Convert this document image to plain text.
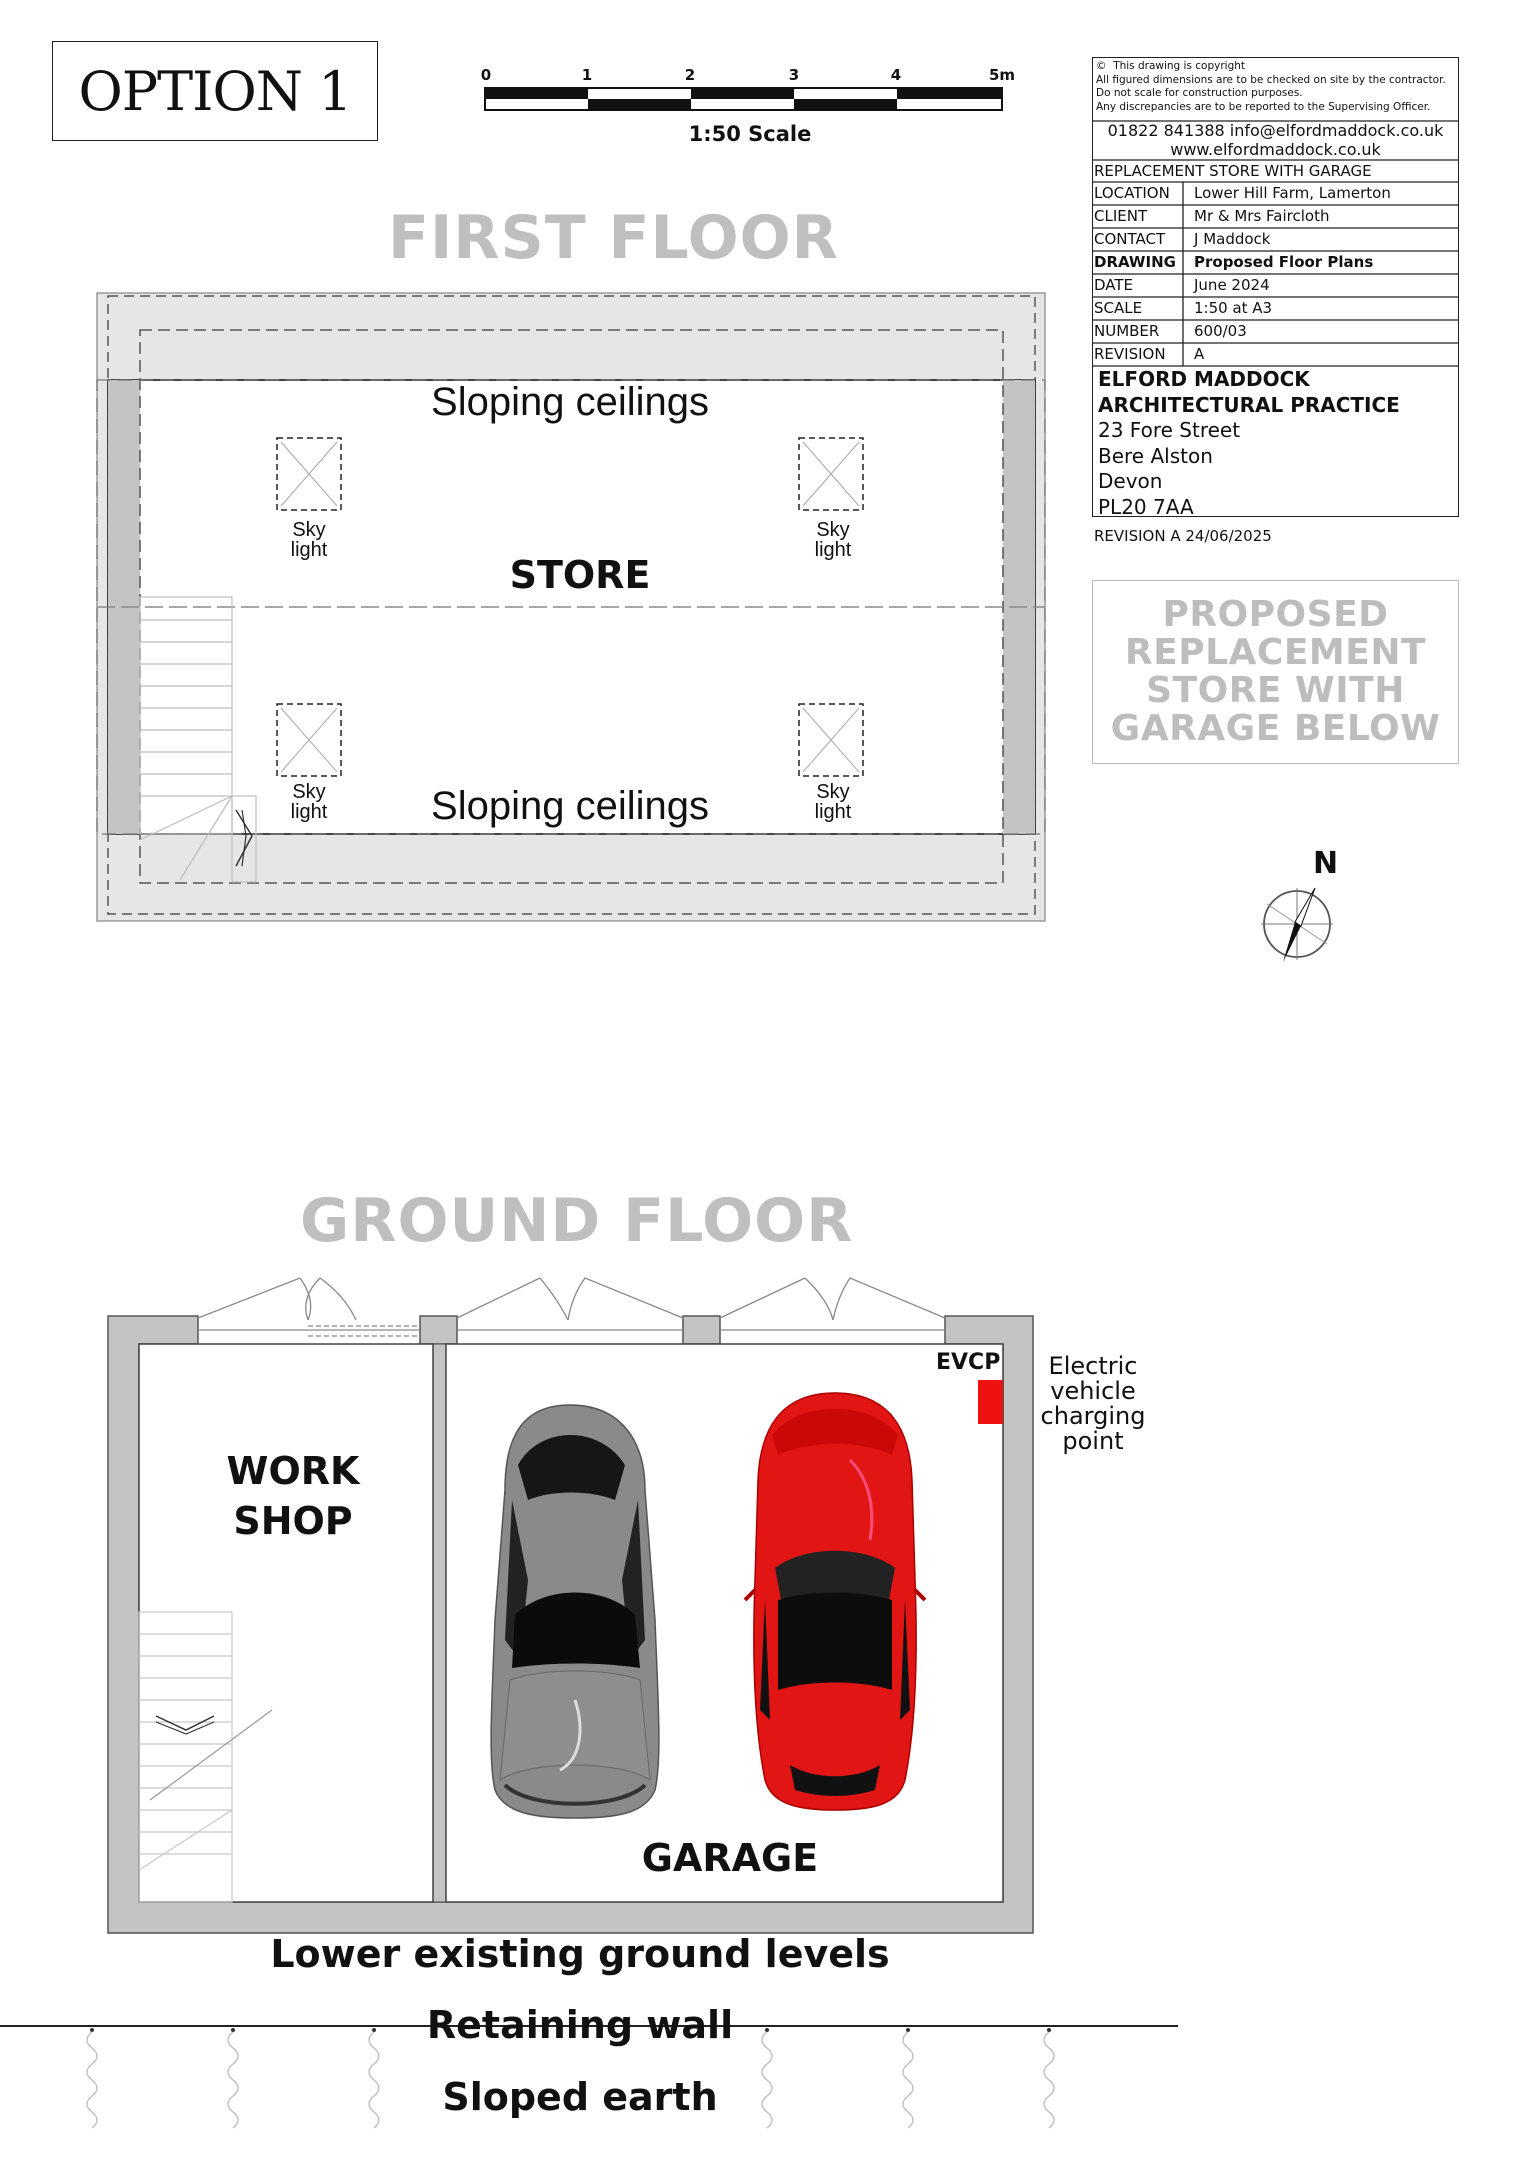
OPTION 1	0	1	2	3	4	5m
1:50 Scale
FIRST FLOOR
Sloping ceilings
Sloping ceilings
STORE
Sky
light
Sky
light
Sky
light
Sky
light
© This drawing is copyright
All figured dimensions are to be checked on site by the contractor.
Do not scale for construction purposes.
Any discrepancies are to be reported to the Supervising Officer.
01822 841388 info@elfordmaddock.co.uk
www.elfordmaddock.co.uk
REPLACEMENT STORE WITH GARAGE
LOCATION Lower Hill Farm, Lamerton
CLIENT	Mr & Mrs Faircloth
CONTACT J Maddock
DRAWING Proposed Floor Plans
DATE	June 2024
SCALE	1:50 at A3
NUMBER 600/03
REVISION A
ELFORD MADDOCK
ARCHITECTURAL PRACTICE
23 Fore Street
Bere Alston
Devon
PL20 7AA
REVISION A 24/06/2025
PROPOSED
REPLACEMENT
STORE WITH
GARAGE BELOW
N
GROUND FLOOR
WORK
SHOP
GARAGE
EVCP	Electric
vehicle
charging
point
Lower existing ground levels
Retaining wall
Sloped earth
